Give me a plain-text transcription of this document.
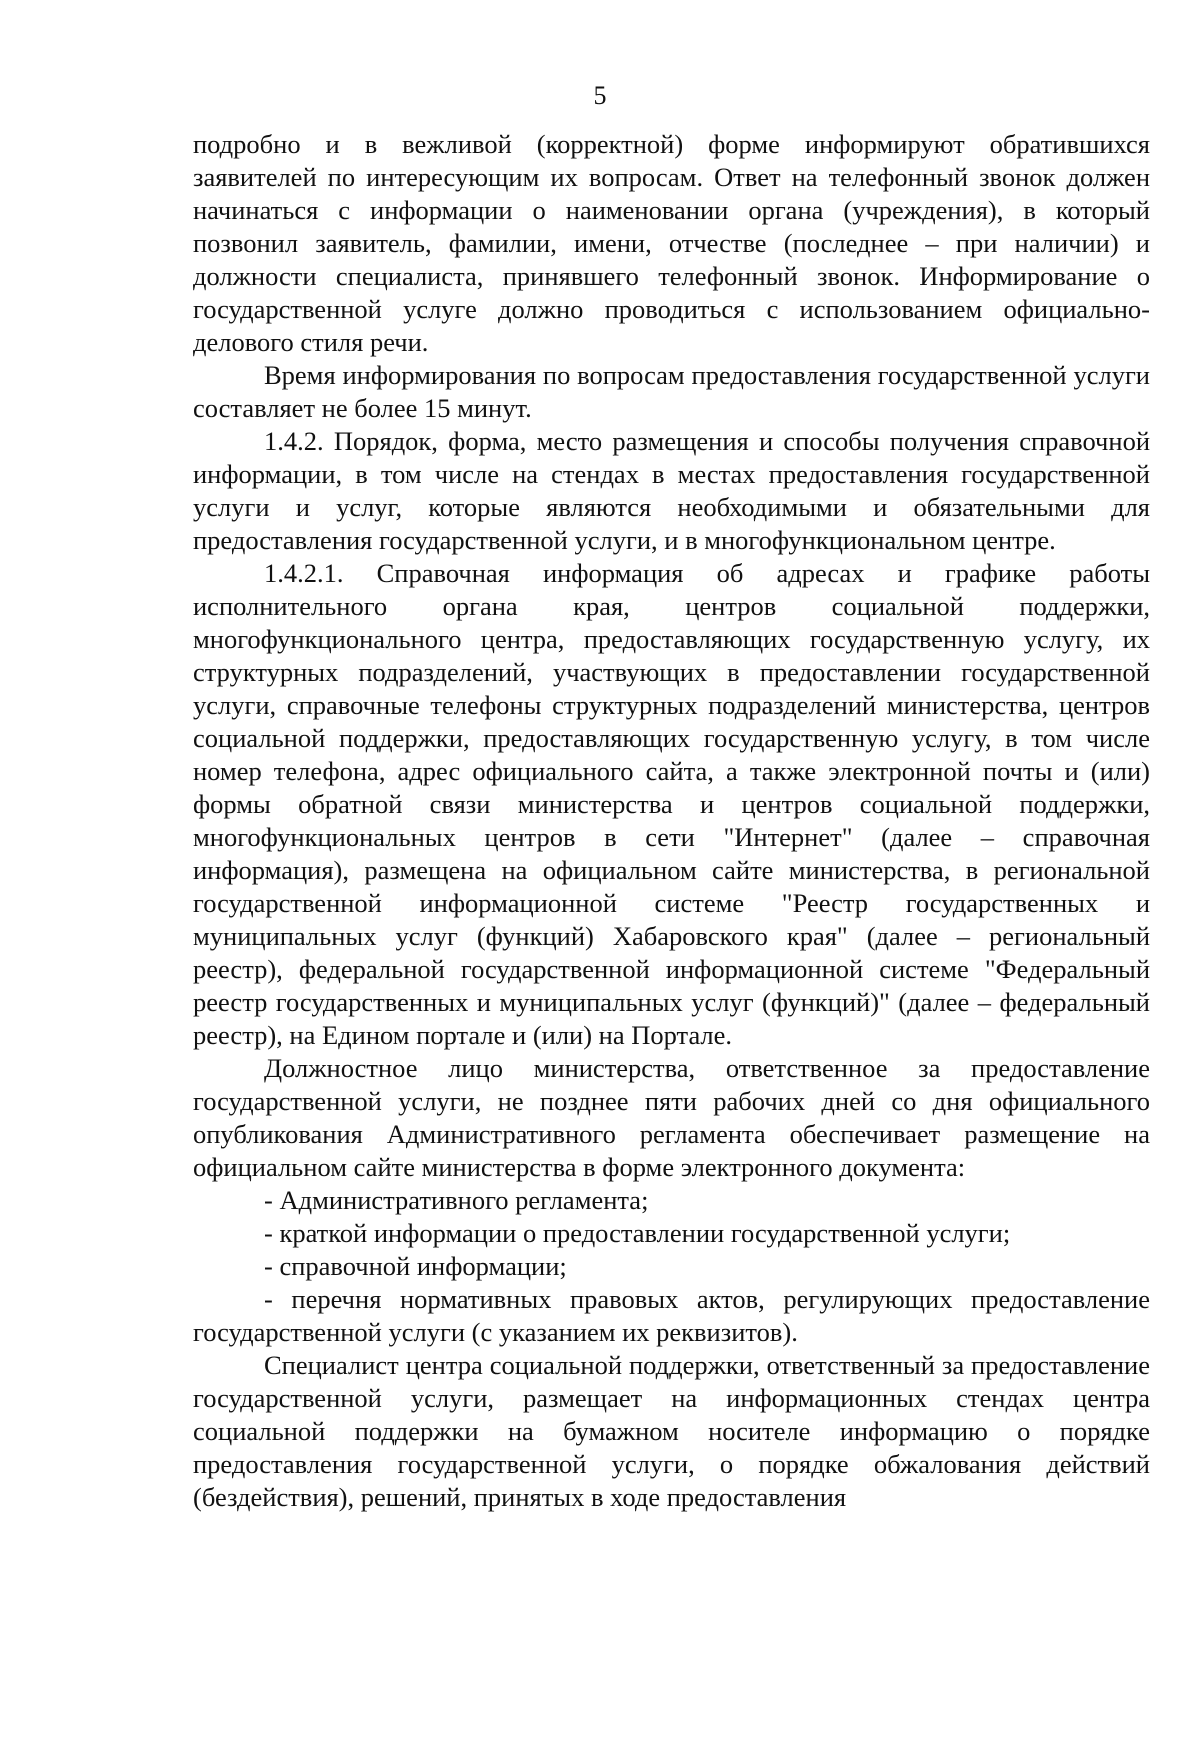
5

подробно и в вежливой (корректной) форме информируют обратившихся заявителей по интересующим их вопросам. Ответ на телефонный звонок должен начинаться с информации о наименовании органа (учреждения), в который позвонил заявитель, фамилии, имени, отчестве (последнее – при наличии) и должности специалиста, принявшего телефонный звонок. Информирование о государственной услуге должно проводиться с использованием официально-делового стиля речи.

Время информирования по вопросам предоставления государственной услуги составляет не более 15 минут.

1.4.2. Порядок, форма, место размещения и способы получения справочной информации, в том числе на стендах в местах предоставления государственной услуги и услуг, которые являются необходимыми и обязательными для предоставления государственной услуги, и в многофункциональном центре.

1.4.2.1. Справочная информация об адресах и графике работы исполнительного органа края, центров социальной поддержки, многофункционального центра, предоставляющих государственную услугу, их структурных подразделений, участвующих в предоставлении государственной услуги, справочные телефоны структурных подразделений министерства, центров социальной поддержки, предоставляющих государственную услугу, в том числе номер телефона, адрес официального сайта, а также электронной почты и (или) формы обратной связи министерства и центров социальной поддержки, многофункциональных центров в сети "Интернет" (далее – справочная информация), размещена на официальном сайте министерства, в региональной государственной информационной системе "Реестр государственных и муниципальных услуг (функций) Хабаровского края" (далее – региональный реестр), федеральной государственной информационной системе "Федеральный реестр государственных и муниципальных услуг (функций)" (далее – федеральный реестр), на Едином портале и (или) на Портале.

Должностное лицо министерства, ответственное за предоставление государственной услуги, не позднее пяти рабочих дней со дня официального опубликования Административного регламента обеспечивает размещение на официальном сайте министерства в форме электронного документа:

- Административного регламента;

- краткой информации о предоставлении государственной услуги;

- справочной информации;

- перечня нормативных правовых актов, регулирующих предоставление государственной услуги (с указанием их реквизитов).

Специалист центра социальной поддержки, ответственный за предоставление государственной услуги, размещает на информационных стендах центра социальной поддержки на бумажном носителе информацию о порядке предоставления государственной услуги, о порядке обжалования действий (бездействия), решений, принятых в ходе предоставления
